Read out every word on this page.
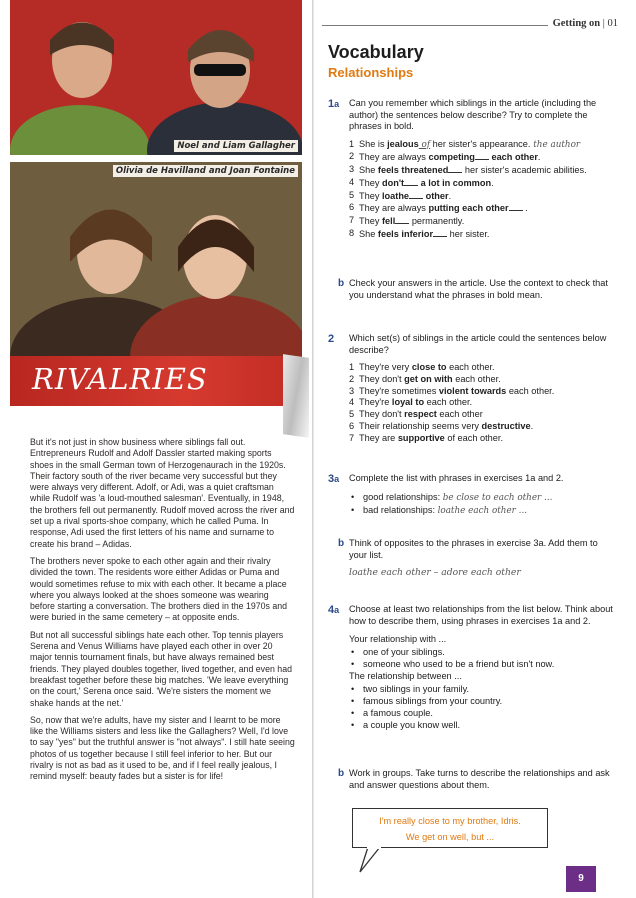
Noel and Liam Gallagher
Olivia de Havilland and Joan Fontaine
RIVALRIES

But it's not just in show business where siblings fall out. Entrepreneurs Rudolf and Adolf Dassler started making sports shoes in the small German town of Herzogenaurach in the 1920s. Their factory south of the river became very successful but they were always very different. Adolf, or Adi, was a quiet craftsman while Rudolf was 'a loud-mouthed salesman'. Eventually, in 1948, the brothers fell out permanently. Rudolf moved across the river and set up a rival sports-shoe company, which he called Puma. In response, Adi used the first letters of his name and surname to create his brand – Adidas.

The brothers never spoke to each other again and their rivalry divided the town. The residents wore either Adidas or Puma and would sometimes refuse to mix with each other. It became a place where you always looked at the shoes someone was wearing before starting a conversation. The brothers died in the 1970s and were buried in the same cemetery – at opposite ends.

But not all successful siblings hate each other. Top tennis players Serena and Venus Williams have played each other in over 20 major tennis tournament finals, but have always remained best friends. They played doubles together, lived together, and even had breakfast together before these big matches. 'We leave everything on the court,' Serena once said. 'We're sisters the moment we shake hands at the net.'

So, now that we're adults, have my sister and I learnt to be more like the Williams sisters and less like the Gallaghers? Well, I'd love to say "yes" but the truthful answer is "not always". I still hate seeing photos of us together because I still feel inferior to her. But our rivalry is not as bad as it used to be, and if I feel really jealous, I remind myself: beauty fades but a sister is for life!

Getting on | 01
Vocabulary
Relationships
1a Can you remember which siblings in the article (including the author) the sentences below describe? Try to complete the phrases in bold.
1 She is jealous of her sister's appearance. the author
2 They are always competing each other.
3 She feels threatened her sister's academic abilities.
4 They don't a lot in common.
5 They loathe other.
6 They are always putting each other .
7 They fell permanently.
8 She feels inferior her sister.
b Check your answers in the article. Use the context to check that you understand what the phrases in bold mean.
2 Which set(s) of siblings in the article could the sentences below describe?
1 They're very close to each other.
2 They don't get on with each other.
3 They're sometimes violent towards each other.
4 They're loyal to each other.
5 They don't respect each other
6 Their relationship seems very destructive.
7 They are supportive of each other.
3a Complete the list with phrases in exercises 1a and 2.
• good relationships: be close to each other ...
• bad relationships: loathe each other ...
b Think of opposites to the phrases in exercise 3a. Add them to your list.
loathe each other – adore each other
4a Choose at least two relationships from the list below. Think about how to describe them, using phrases in exercises 1a and 2.
Your relationship with ...
• one of your siblings.
• someone who used to be a friend but isn't now.
The relationship between ...
• two siblings in your family.
• famous siblings from your country.
• a famous couple.
• a couple you know well.
b Work in groups. Take turns to describe the relationships and ask and answer questions about them.
I'm really close to my brother, Idris.
We get on well, but ...
9
